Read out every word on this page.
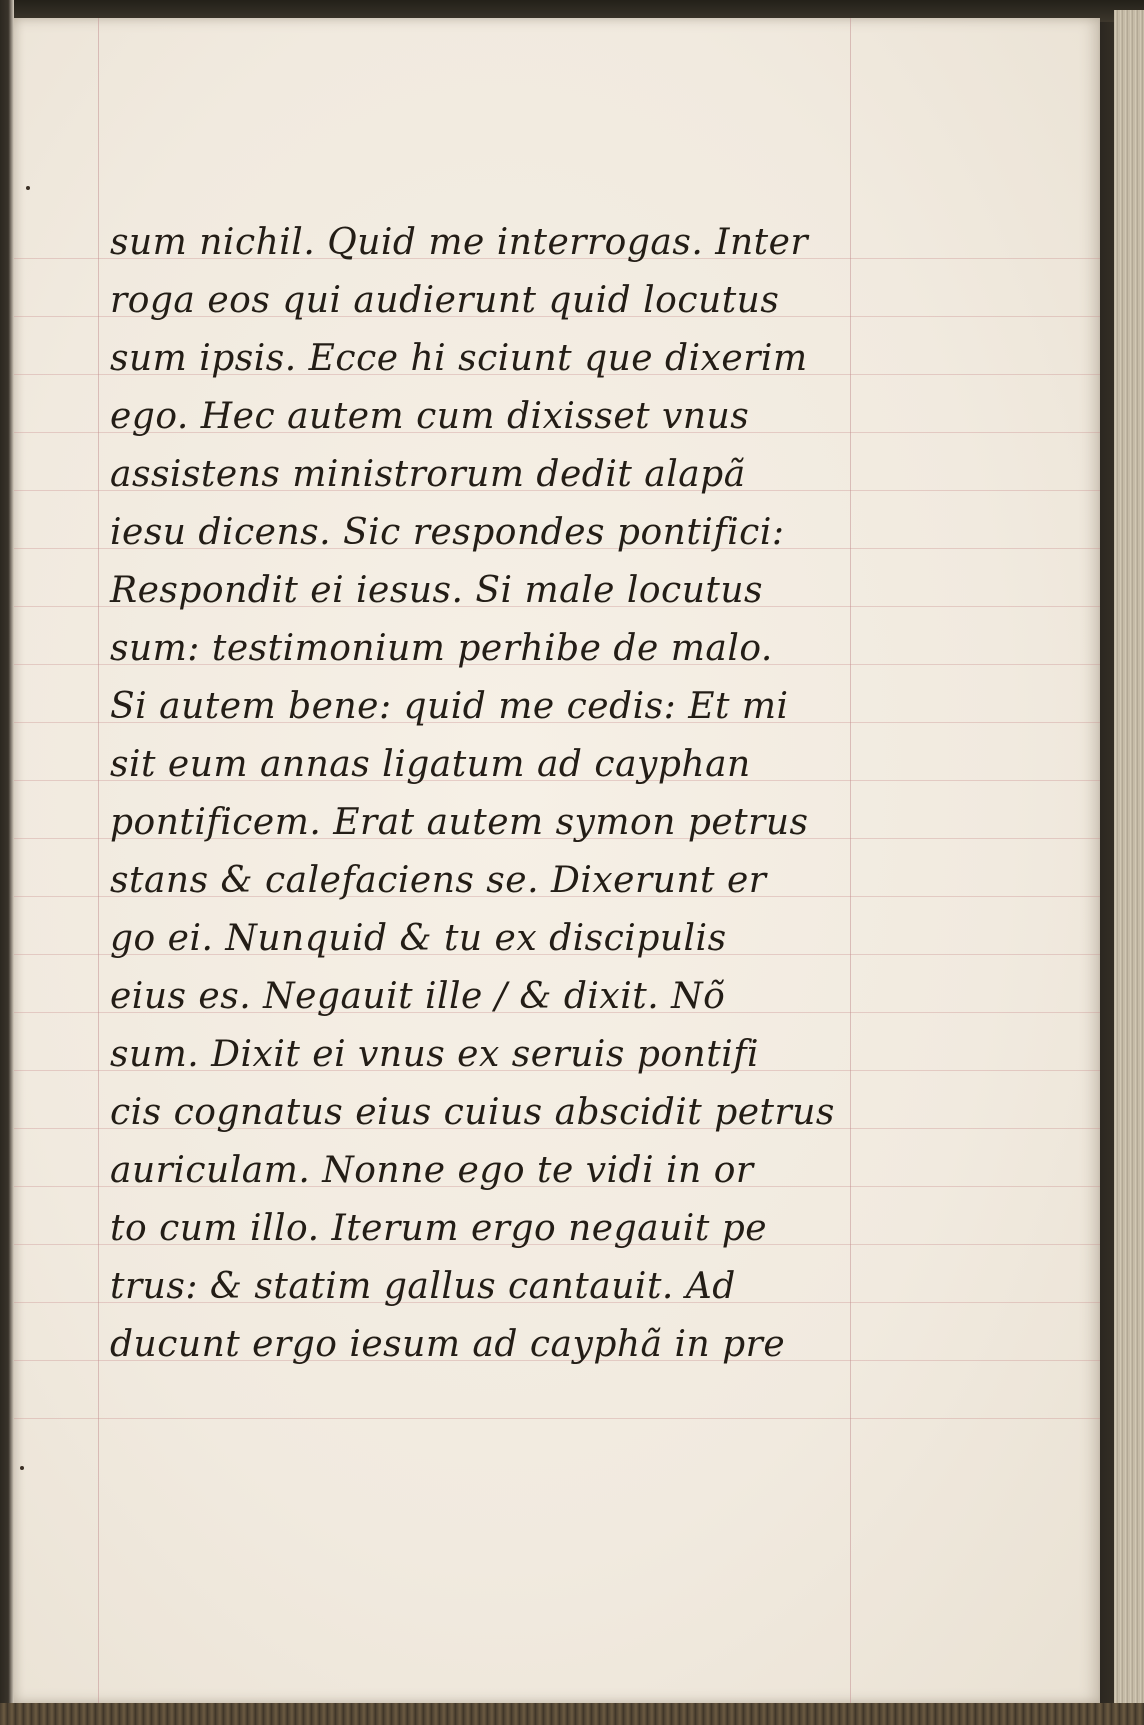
sum nichil. Quid me interrogas. Inter
roga eos qui audierunt quid locutus
sum ipsis. Ecce hi sciunt que dixerim
ego. Hec autem cum dixisset vnus
assistens ministrorum dedit alapã
iesu dicens. Sic respondes pontifici:
Respondit ei iesus. Si male locutus
sum: testimonium perhibe de malo.
Si autem bene: quid me cedis: Et mi
sit eum annas ligatum ad cayphan
pontificem. Erat autem symon petrus
stans & calefaciens se. Dixerunt er
go ei. Nunquid & tu ex discipulis
eius es. Negauit ille / & dixit. Nõ
sum. Dixit ei vnus ex seruis pontifi
cis cognatus eius cuius abscidit petrus
auriculam. Nonne ego te vidi in or
to cum illo. Iterum ergo negauit pe
trus: & statim gallus cantauit. Ad
ducunt ergo iesum ad cayphã in pre
